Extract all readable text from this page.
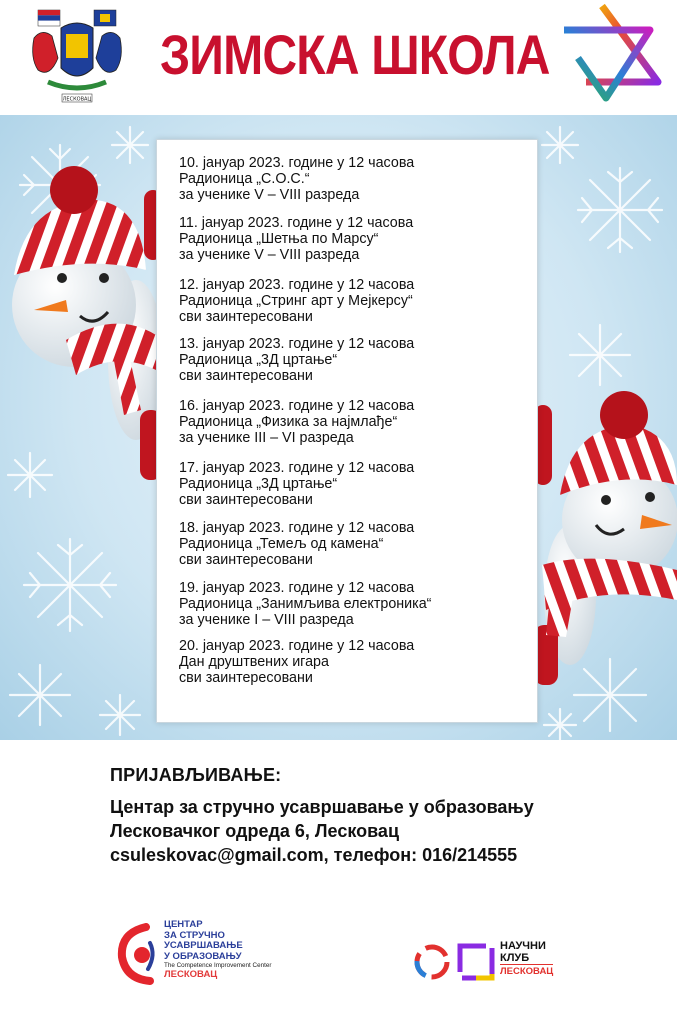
ЛЕСКОВАЦ
ЗИМСКА ШКОЛА
10. јануар 2023. године у 12 часова
Радионица „С.О.С.“
за ученике V – VIII разреда
11. јануар 2023. године у 12 часова
Радионица „Шетња по Марсу“
за ученике V – VIII разреда
12. јануар 2023. године у 12 часова
Радионица „Стринг арт у Мејкерсу“
сви заинтересовани
13. јануар 2023. године у 12 часова
Радионица „3Д цртање“
сви заинтересовани
16. јануар 2023. године у 12 часова
Радионица „Физика за најмлађе“
за ученике III – VI разреда
17. јануар 2023. године у 12 часова
Радионица „3Д цртање“
сви заинтересовани
18. јануар 2023. године у 12 часова
Радионица „Темељ од камена“
сви заинтересовани
19. јануар 2023. године у 12 часова
Радионица „Занимљива електроника“
за ученике I – VIII разреда
20. јануар 2023. године у 12 часова
Дан друштвених игара
сви заинтересовани
ПРИЈАВЉИВАЊЕ:
Центар за стручно усавршавање у образовању
Лесковачког одреда 6, Лесковац
csuleskovac@gmail.com, телефон: 016/214555
ЦЕНТАР
ЗА СТРУЧНО
УСАВРШАВАЊЕ
У ОБРАЗОВАЊУ
The Competence Improvement Center
ЛЕСКОВАЦ
НАУЧНИ
КЛУБ
ЛЕСКОВАЦ
